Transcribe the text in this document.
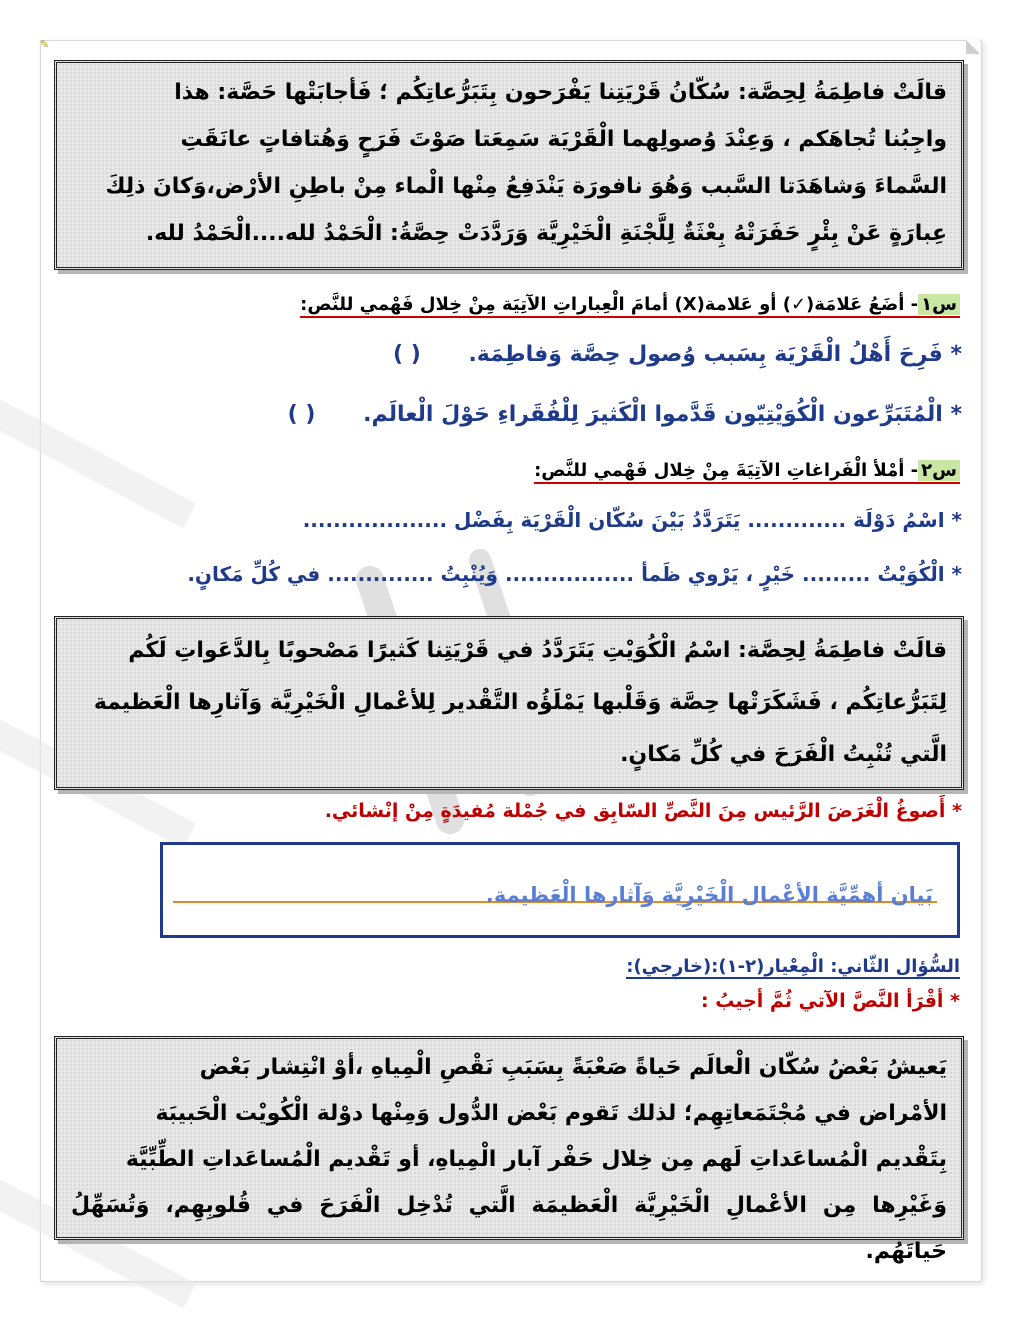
✎

قالَتْ فاطِمَةُ لِحِصَّة: سُكّانُ قَرْيَتِنا يَفْرَحون بِتَبَرُّعاتِكُم ؛ فَأجابَتْها حَصَّة: هذا

واجِبُنا تُجاهَكم ، وَعِنْدَ وُصولِهما الْقَرْيَة سَمِعَتا صَوْتَ فَرَحٍ وَهُتافاتٍ عانَقَتِ

السَّماءَ وَشاهَدَتا السَّبب وَهُوَ نافورَة يَنْدَفِعُ مِنْها الْماء مِنْ باطِنِ الأرْض،وَكانَ ذلِكَ

عِبارَةٍ عَنْ بِئْرٍ حَفَرَتْهُ بِعْثَةٌ لِلَّجْنَةِ الْخَيْرِيَّة وَرَدَّدَتْ حِصَّةُ: الْحَمْدُ لله....الْحَمْدُ لله.

س١- أضَعُ عَلامَة(✓) أو عَلامة(X) أمامَ الْعِباراتِ الآتِيَة مِنْ خِلال فَهْمي للنَّص:
* فَرِحَ أَهْلُ الْقَرْيَة بِسَبب وُصول حِصَّة وَفاطِمَة. ( )
* الْمُتَبَرِّعون الْكُوَيْتِيّون قَدَّموا الْكَثيرَ لِلْفُقَراءِ حَوْلَ الْعالَم. ( )
س٢- أمْلأ الْفَراغاتِ الآتِيَةَ مِنْ خِلال فَهْمي للنَّص:
* اسْمُ دَوْلَة ............. يَتَرَدَّدُ بَيْنَ سُكّان الْقَرْيَة بِفَضْل ...................
* الْكُوَيْتُ ......... خَيْرٍ ، يَرْوي ظَمأ ................. وَيُنْبِتُ .............. في كُلِّ مَكانٍ.

قالَتْ فاطِمَةُ لِحِصَّة: اسْمُ الْكُوَيْتِ يَتَرَدَّدُ في قَرْيَتِنا كَثيرًا مَصْحوبًا بِالدَّعَواتِ لَكُم

لِتَبَرُّعاتِكُم ، فَشَكَرَتْها حِصَّة وَقَلْبها يَمْلَؤُه التَّقْدير لِلأعْمالِ الْخَيْرِيَّة وَآثارِها الْعَظيمة

الَّتي تُنْبِتُ الْفَرَحَ في كُلِّ مَكانٍ.

* أَصوغُ الْغَرَضَ الرَّئيس مِنَ النَّصِّ السّابِق في جُمْلة مُفيدَةٍ مِنْ إنْشائي.
بَيان أهمِّيَّة الأعْمال الْخَيْرِيَّة وَآثارها الْعَظيمة.
السُّؤال الثّاني: الْمِعْيار(٢-١):(خارِجي):
* أقْرَأ النَّصَّ الآتي ثُمَّ أجيبُ :

يَعيشُ بَعْضُ سُكّان الْعالَم حَياةً صَعْبَةً بِسَبَبِ نَقْصِ الْمِياهِ ،أوْ انْتِشار بَعْض

الأمْراض في مُجْتَمَعاتِهِم؛ لذلك تَقوم بَعْض الدُّول وَمِنْها دوْلة الْكُويْت الْحَبيبَة

بِتَقْديم الْمُساعَداتِ لَهم مِن خِلال حَفْر آبار الْمِياهِ، أو تَقْديم الْمُساعَداتِ الطِّبِّيَّة

وَغَيْرِها مِن الأعْمالِ الْخَيْرِيَّة الْعَظيمَة الَّتي تُدْخِل الْفَرَحَ في قُلوبِهِم، وَتُسَهِّلُ حَياتَهُم.
